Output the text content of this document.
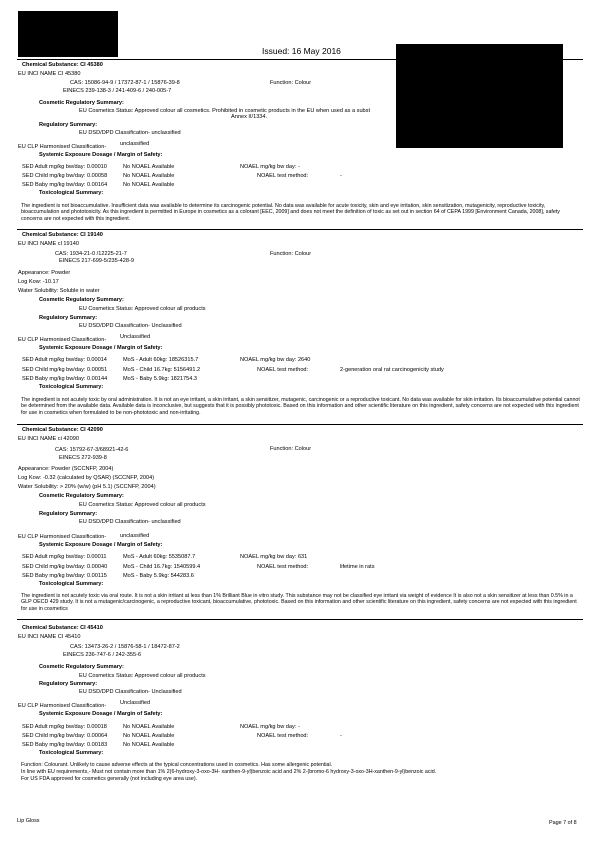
Issued: 16 May 2016
Chemical Substance: CI 45380
EU INCI NAME CI 45380
CAS: 15086-94-9 / 17372-87-1 / 15876-39-8	Function: Colour
EINECS 239-138-3 / 241-409-6 / 240-005-7
Cosmetic Regulatory Summary:
EU Cosmetics Status: Approved colour all cosmetics. Prohibited in cosmetic products in the EU when used as a subst
Annex II/1334.
Regulatory Summary:
EU DSD/DPD Classification- unclassified
EU CLP Harmonised Classification- unclassified
Systemic Exposure Dosage / Margin of Safety:
SED Adult mg/kg bw/day: 0.00010	No NOAEL Available	NOAEL mg/kg bw day: -
SED Child mg/kg bw/day: 0.00058	No NOAEL Available	NOAEL test method:	-
SED Baby mg/kg bw/day: 0.00164	No NOAEL Available
Toxicological Summary:
The ingredient is not bioaccumulative. Insufficient data was available to determine its carcinogenic potential. No data was available for acute toxicity, skin and eye irritation, skin sensitization, mutagenicity, reproductive toxicity, bioaccumulation and phototoxicity. As this ingredient is permitted in Europe in cosmetics as a colorant [EEC, 2009] and does not meet the definition of toxic as set out in section 64 of CEPA 1999 [Environment Canada, 2008], safety concerns are not expected with this ingredient.
Chemical Substance: CI 19140
EU INCI NAME cl 19140
CAS: 1934-21-0 /12225-21-7	Function: Colour
EINECS 217-699-5/235-428-9
Appearance: Powder
Log Kow: -10.17
Water Solubility: Soluble in water
Cosmetic Regulatory Summary:
EU Cosmetics Status: Approved colour all products
Regulatory Summary:
EU DSD/DPD Classification- Unclassified
EU CLP Harmonised Classification- Unclassified
Systemic Exposure Dosage / Margin of Safety:
SED Adult mg/kg bw/day: 0.00014	MoS - Adult 60kg: 18526315.7	NOAEL mg/kg bw day: 2640
SED Child mg/kg bw/day: 0.00051	MoS - Child 16.7kg: 5156491.2	NOAEL test method:	2-generation oral rat carcinogenicity study
SED Baby mg/kg bw/day: 0.00144	MoS - Baby 5.9kg: 1821754.3
Toxicological Summary:
The ingredient is not acutely toxic by oral administration. It is not an eye irritant, a skin irritant, a skin sensitizer, mutagenic, carcinogenic or a reproductive toxicant. No data was available for skin irritation. Its bioaccumulative potential cannot be determined from the available data. Available data is inconclusive, but suggests that it is possibly phototoxic. Based on this information and other scientific literature on this ingredient, safety concerns are not expected with this ingredient for use in cosmetics when formulated to be non-phototoxic and non-irritating.
Chemical Substance: CI 42090
EU INCI NAME ci 42090
CAS: 15792-67-3/68921-42-6	Function: Colour
EINECS 272-939-8
Appearance: Powder (SCCNFP, 2004)
Log Kow: -0.32 (calculated by QSAR) (SCCNFP, 2004)
Water Solubility: > 20% (w/w) (pH 5.1) (SCCNFP, 2004)
Cosmetic Regulatory Summary:
EU Cosmetics Status: Approved colour all products
Regulatory Summary:
EU DSD/DPD Classification- unclassified
EU CLP Harmonised Classification- unclassified
Systemic Exposure Dosage / Margin of Safety:
SED Adult mg/kg bw/day: 0.00011	MoS - Adult 60kg: 5535087.7	NOAEL mg/kg bw day: 631
SED Child mg/kg bw/day: 0.00040	MoS - Child 16.7kg: 1540599.4	NOAEL test method:	lifetime in rats
SED Baby mg/kg bw/day: 0.00115	MoS - Baby 5.9kg: 544283.6
Toxicological Summary:
The ingredient is not acutely toxic via oral route. It is not a skin irritant at less than 1% Brilliant Blue in vitro study. This substance may not be classified eye irritant via weight of evidence It is also not a skin sensitizer at less than 0.5% in a GLP OECD 429 study. It is not a mutagenic/carcinogenic, a reproductive toxicant, bioaccumulative, phototoxic. Based on this information and other scientific literature on this ingredient, safety concerns are not expected with this ingredient for use in cosmetics
Chemical Substance: CI 45410
EU INCI NAME CI 45410
CAS: 13473-26-2 / 15876-58-1 / 18472-87-2
EINECS 236-747-6 / 242-355-6
Cosmetic Regulatory Summary:
EU Cosmetics Status: Approved colour all products
Regulatory Summary:
EU DSD/DPD Classification- Unclassified
EU CLP Harmonised Classification- Unclassified
Systemic Exposure Dosage / Margin of Safety:
SED Adult mg/kg bw/day: 0.00018	No NOAEL Available	NOAEL mg/kg bw day: -
SED Child mg/kg bw/day: 0.00064	No NOAEL Available	NOAEL test method:	-
SED Baby mg/kg bw/day: 0.00183	No NOAEL Available
Toxicological Summary:
Function: Colourant. Unlikely to cause adverse effects at the typical concentrations used in cosmetics. Has some allergenic potential.
In line with EU requirements,- Must not contain more than 1% 2(6-hydroxy-3-oxo-3H- xanthen-9-yl)benzoic acid and 2% 2-(bromo-6 hydroxy-3-oxo-3H-xanthen-9-yl)benzoic acid.
For US FDA approved for cosmetics generally (not including eye area use).
Lip Gloss	Page 7 of 8
